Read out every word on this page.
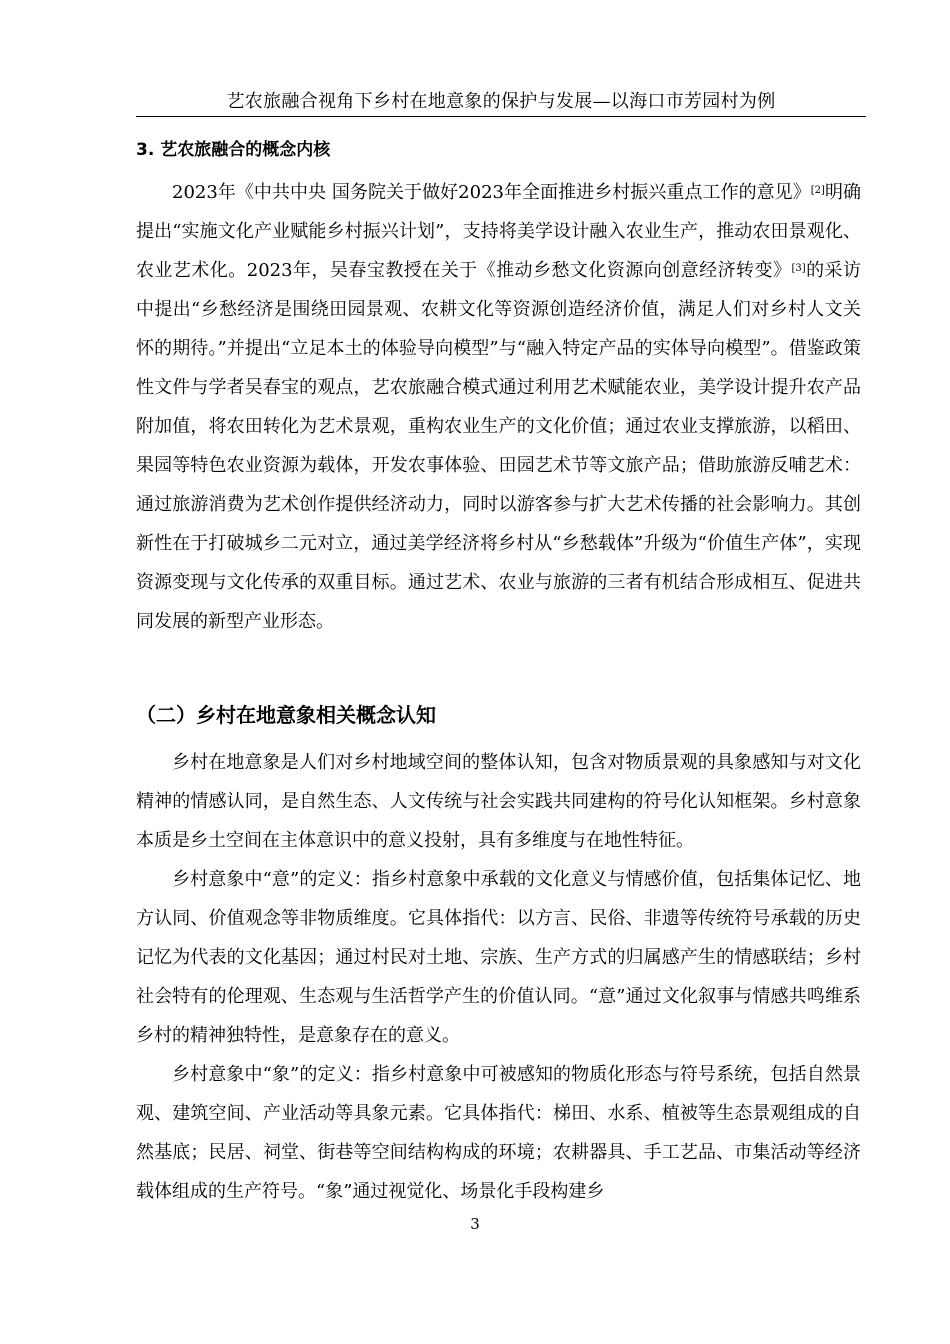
艺农旅融合视角下乡村在地意象的保护与发展—以海口市芳园村为例
3. 艺农旅融合的概念内核

2023年《中共中央 国务院关于做好2023年全面推进乡村振兴重点工作的意见》[2]明确提出“实施文化产业赋能乡村振兴计划”，支持将美学设计融入农业生产，推动农田景观化、农业艺术化。2023年，吴春宝教授在关于《推动乡愁文化资源向创意经济转变》[3]的采访中提出“乡愁经济是围绕田园景观、农耕文化等资源创造经济价值，满足人们对乡村人文关怀的期待。”并提出“立足本土的体验导向模型”与“融入特定产品的实体导向模型”。借鉴政策性文件与学者吴春宝的观点，艺农旅融合模式通过利用艺术赋能农业，美学设计提升农产品附加值，将农田转化为艺术景观，重构农业生产的文化价值；通过农业支撑旅游，以稻田、果园等特色农业资源为载体，开发农事体验、田园艺术节等文旅产品；借助旅游反哺艺术：通过旅游消费为艺术创作提供经济动力，同时以游客参与扩大艺术传播的社会影响力。其创新性在于打破城乡二元对立，通过美学经济将乡村从“乡愁载体”升级为“价值生产体”，实现资源变现与文化传承的双重目标。通过艺术、农业与旅游的三者有机结合形成相互、促进共同发展的新型产业形态。

（二）乡村在地意象相关概念认知

乡村在地意象是人们对乡村地域空间的整体认知，包含对物质景观的具象感知与对文化精神的情感认同，是自然生态、人文传统与社会实践共同建构的符号化认知框架。乡村意象本质是乡土空间在主体意识中的意义投射，具有多维度与在地性特征。

乡村意象中“意”的定义：指乡村意象中承载的文化意义与情感价值，包括集体记忆、地方认同、价值观念等非物质维度。它具体指代：以方言、民俗、非遗等传统符号承载的历史记忆为代表的文化基因；通过村民对土地、宗族、生产方式的归属感产生的情感联结；乡村社会特有的伦理观、生态观与生活哲学产生的价值认同。“意”通过文化叙事与情感共鸣维系乡村的精神独特性，是意象存在的意义。

乡村意象中“象”的定义：指乡村意象中可被感知的物质化形态与符号系统，包括自然景观、建筑空间、产业活动等具象元素。它具体指代：梯田、水系、植被等生态景观组成的自然基底；民居、祠堂、街巷等空间结构构成的环境；农耕器具、手工艺品、市集活动等经济载体组成的生产符号。“象”通过视觉化、场景化手段构建乡

3
